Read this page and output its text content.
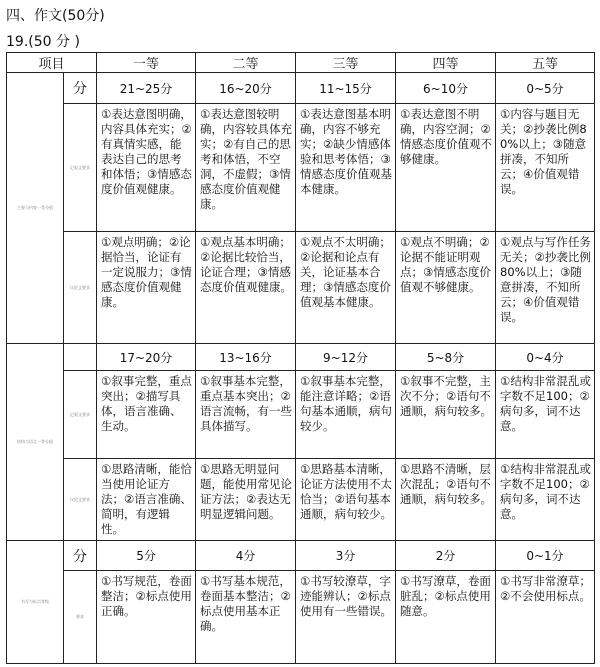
四、作文(50分)
19.(50 分 )
项目		一等	二等	三等	四等	五等
主要与内容一等分值	分	21~25分	16~20分	11~15分	6~10分	0~5分
	记叙文要求	①表达意图明确，内容具体充实；②有真情实感，能表达自己的思考和体悟；③情感态度价值观健康。	①表达意图较明确，内容较具体充实；②有自己的思考和体悟，不空洞，不虚假；③情感态度价值观健康。	①表达意图基本明确，内容不够充实；②缺少情感体验和思考体悟；③情感态度价值观基本健康。	①表达意图不明确，内容空洞；②情感态度价值观不够健康。	①内容与题目无关；②抄袭比例80%以上；③随意拼凑，不知所云；④价值观错误。
	议论文要求	①观点明确；②论据恰当，论证有一定说服力；③情感态度价值观健康。	①观点基本明确；②论据比较恰当，论证合理；③情感态度价值观健康。	①观点不太明确；②论据和论点有关，论证基本合理；③情感态度价值观基本健康。	①观点不明确；②论据不能证明观点；③情感态度价值观不够健康。	①观点与写作任务无关；②抄袭比例80%以上；③随意拼凑，不知所云；④价值观错误。
结构与语言一等分值		17~20分	13~16分	9~12分	5~8分	0~4分
	记叙文要求	①叙事完整，重点突出；②描写具体，语言准确、生动。	①叙事基本完整，重点基本突出；②语言流畅，有一些具体描写。	①叙事基本完整，能注意详略；②语句基本通顺，病句较少。	①叙事不完整，主次不分；②语句不通顺，病句较多。	①结构非常混乱或字数不足100；②病句多，词不达意。
	议论文要求	①思路清晰，能恰当使用论证方法；②语言准确、简明，有逻辑性。	①思路无明显问题，能使用常见论证方法；②表达无明显逻辑问题。	①思路基本清晰，论证方法使用不太恰当；②语句基本通顺，病句较少。	①思路不清晰，层次混乱；②语句不通顺，病句较多。	①结构非常混乱或字数不足100；②病句多，词不达意。
书写与标点等级	分	5分	4分	3分	2分	0~1分
	要求	①书写规范，卷面整洁；②标点使用正确。	①书写基本规范，卷面基本整洁；②标点使用基本正确。	①书写较潦草，字迹能辨认；②标点使用有一些错误。	①书写潦草，卷面脏乱；②标点使用随意。	①书写非常潦草；②不会使用标点。
